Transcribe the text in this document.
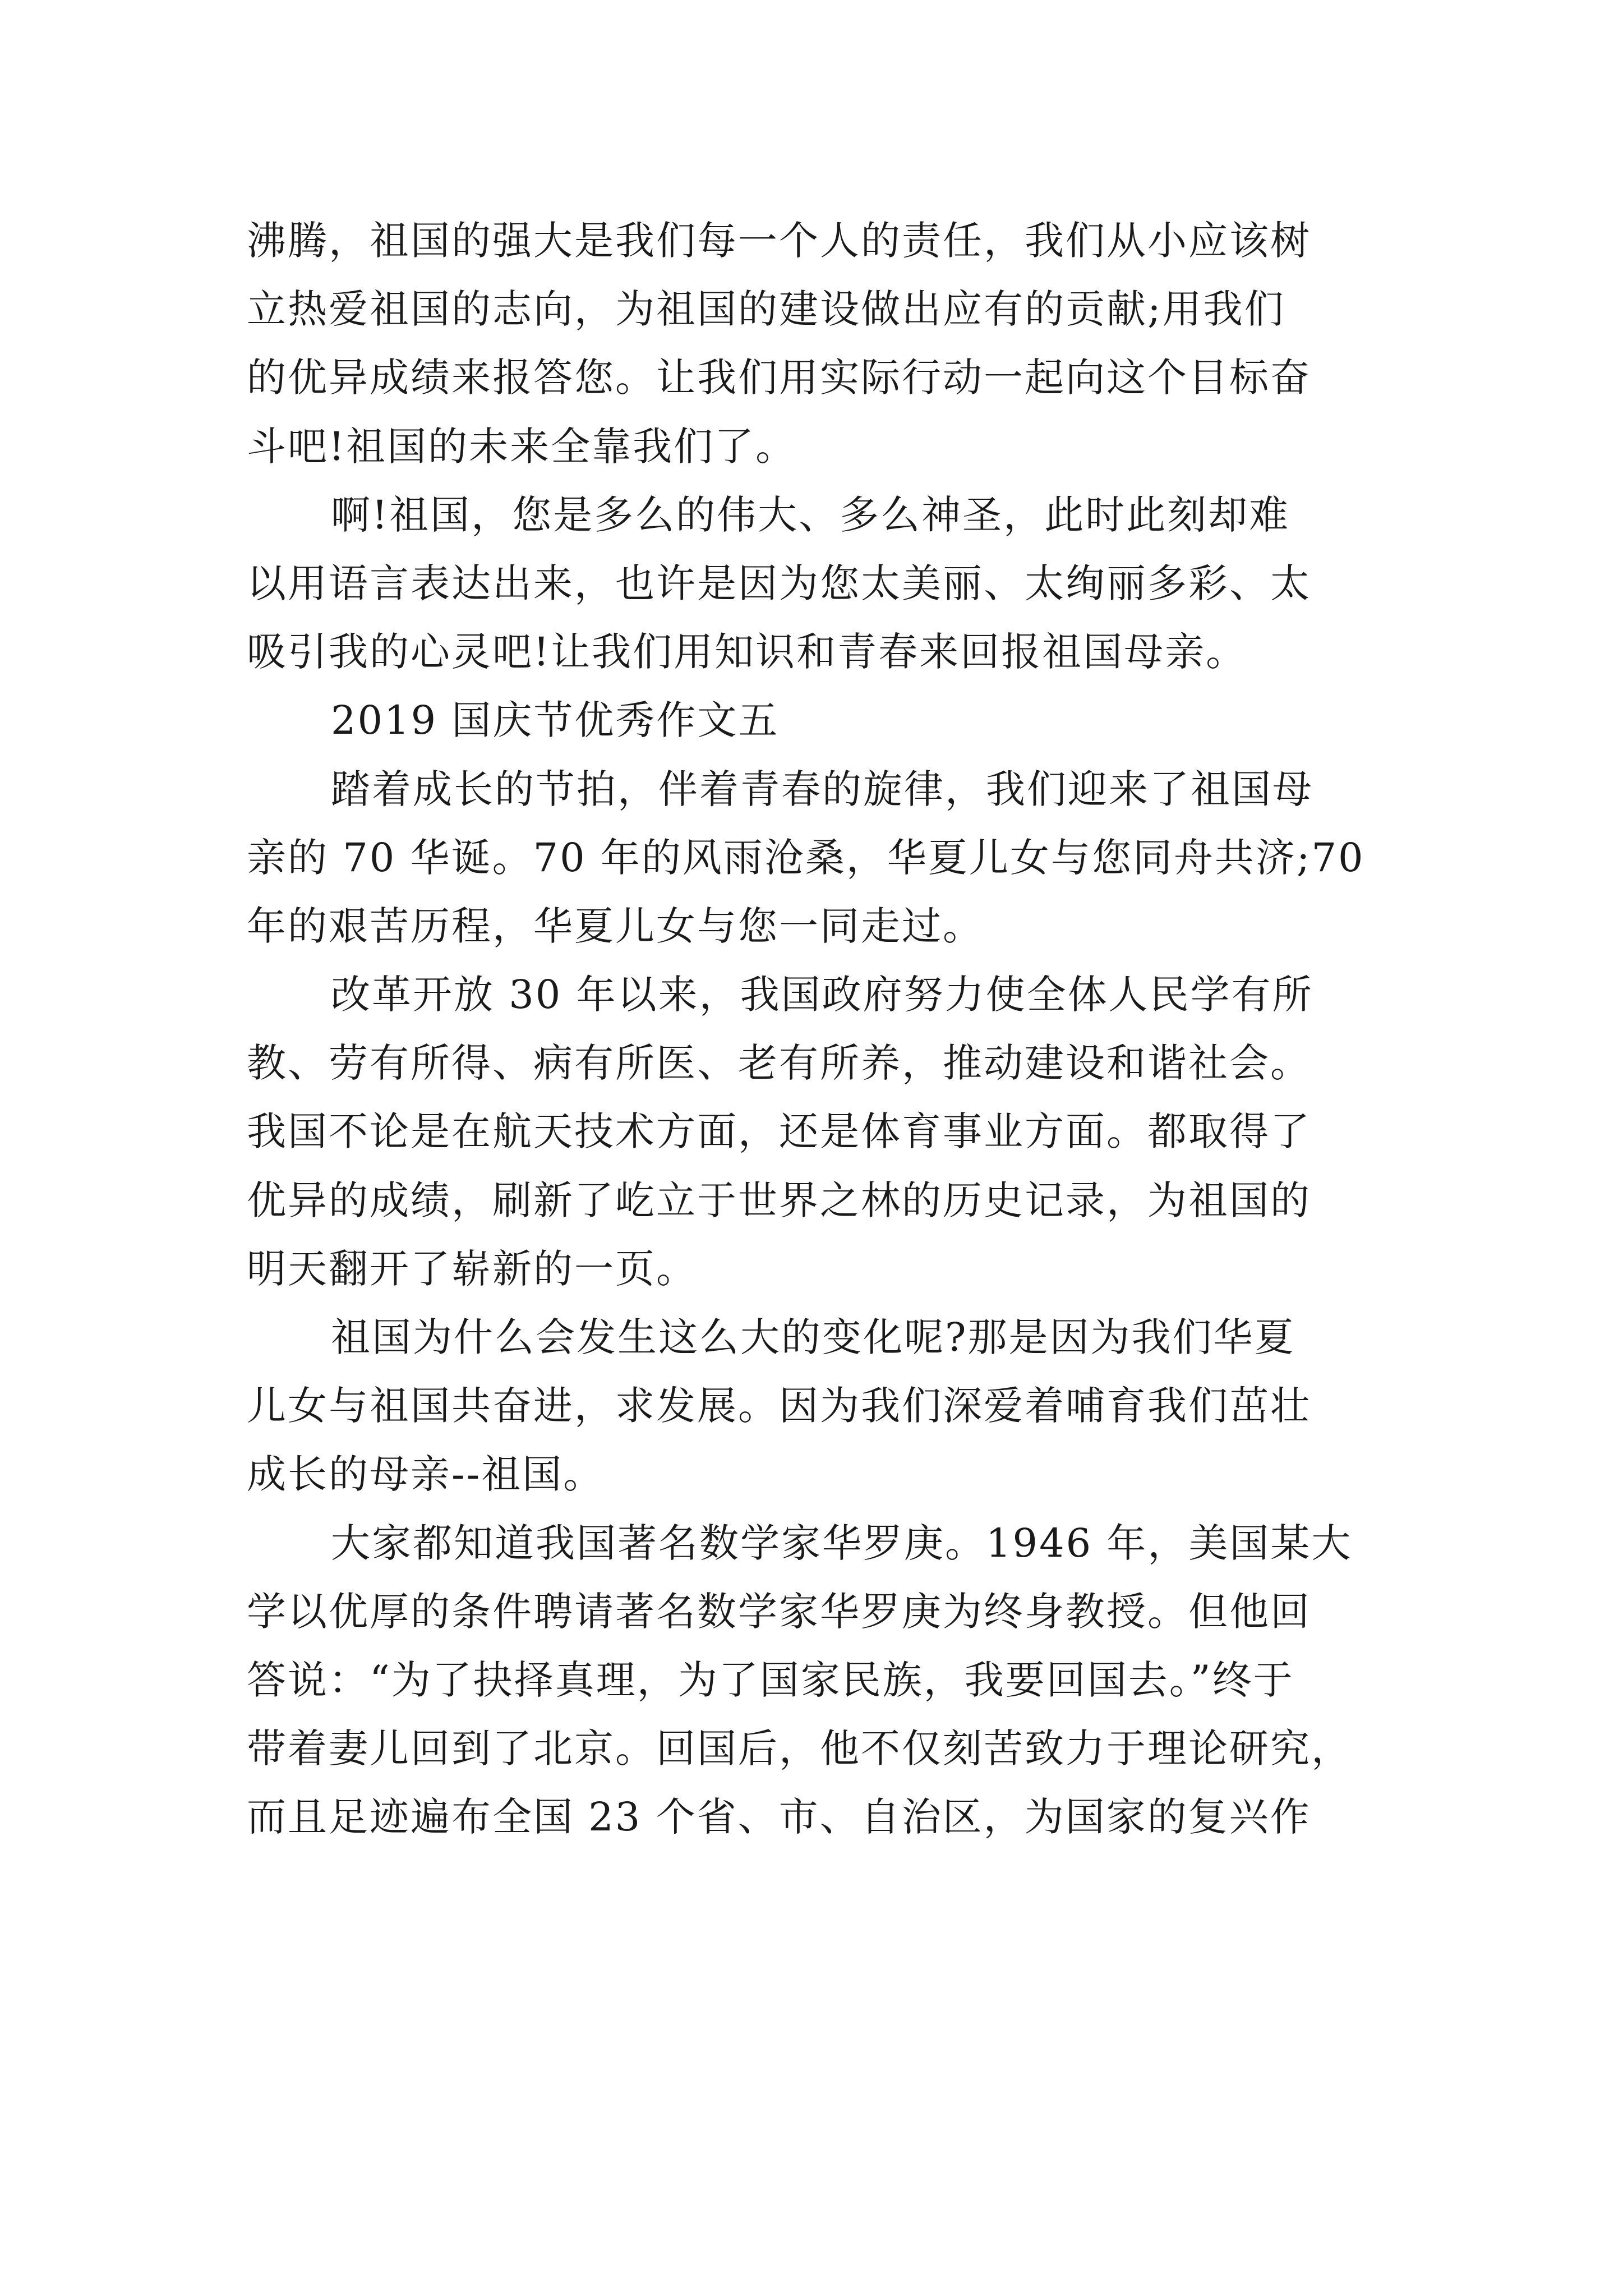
沸腾，祖国的强大是我们每一个人的责任，我们从小应该树
立热爱祖国的志向，为祖国的建设做出应有的贡献;用我们
的优异成绩来报答您。让我们用实际行动一起向这个目标奋
斗吧!祖国的未来全靠我们了。
啊!祖国，您是多么的伟大、多么神圣，此时此刻却难
以用语言表达出来，也许是因为您太美丽、太绚丽多彩、太
吸引我的心灵吧!让我们用知识和青春来回报祖国母亲。
2019 国庆节优秀作文五
踏着成长的节拍，伴着青春的旋律，我们迎来了祖国母
亲的 70 华诞。70 年的风雨沧桑，华夏儿女与您同舟共济;70
年的艰苦历程，华夏儿女与您一同走过。
改革开放 30 年以来，我国政府努力使全体人民学有所
教、劳有所得、病有所医、老有所养，推动建设和谐社会。
我国不论是在航天技术方面，还是体育事业方面。都取得了
优异的成绩，刷新了屹立于世界之林的历史记录，为祖国的
明天翻开了崭新的一页。
祖国为什么会发生这么大的变化呢?那是因为我们华夏
儿女与祖国共奋进，求发展。因为我们深爱着哺育我们茁壮
成长的母亲--祖国。
大家都知道我国著名数学家华罗庚。1946 年，美国某大
学以优厚的条件聘请著名数学家华罗庚为终身教授。但他回
答说：“为了抉择真理，为了国家民族，我要回国去。”终于
带着妻儿回到了北京。回国后，他不仅刻苦致力于理论研究，
而且足迹遍布全国 23 个省、市、自治区，为国家的复兴作
